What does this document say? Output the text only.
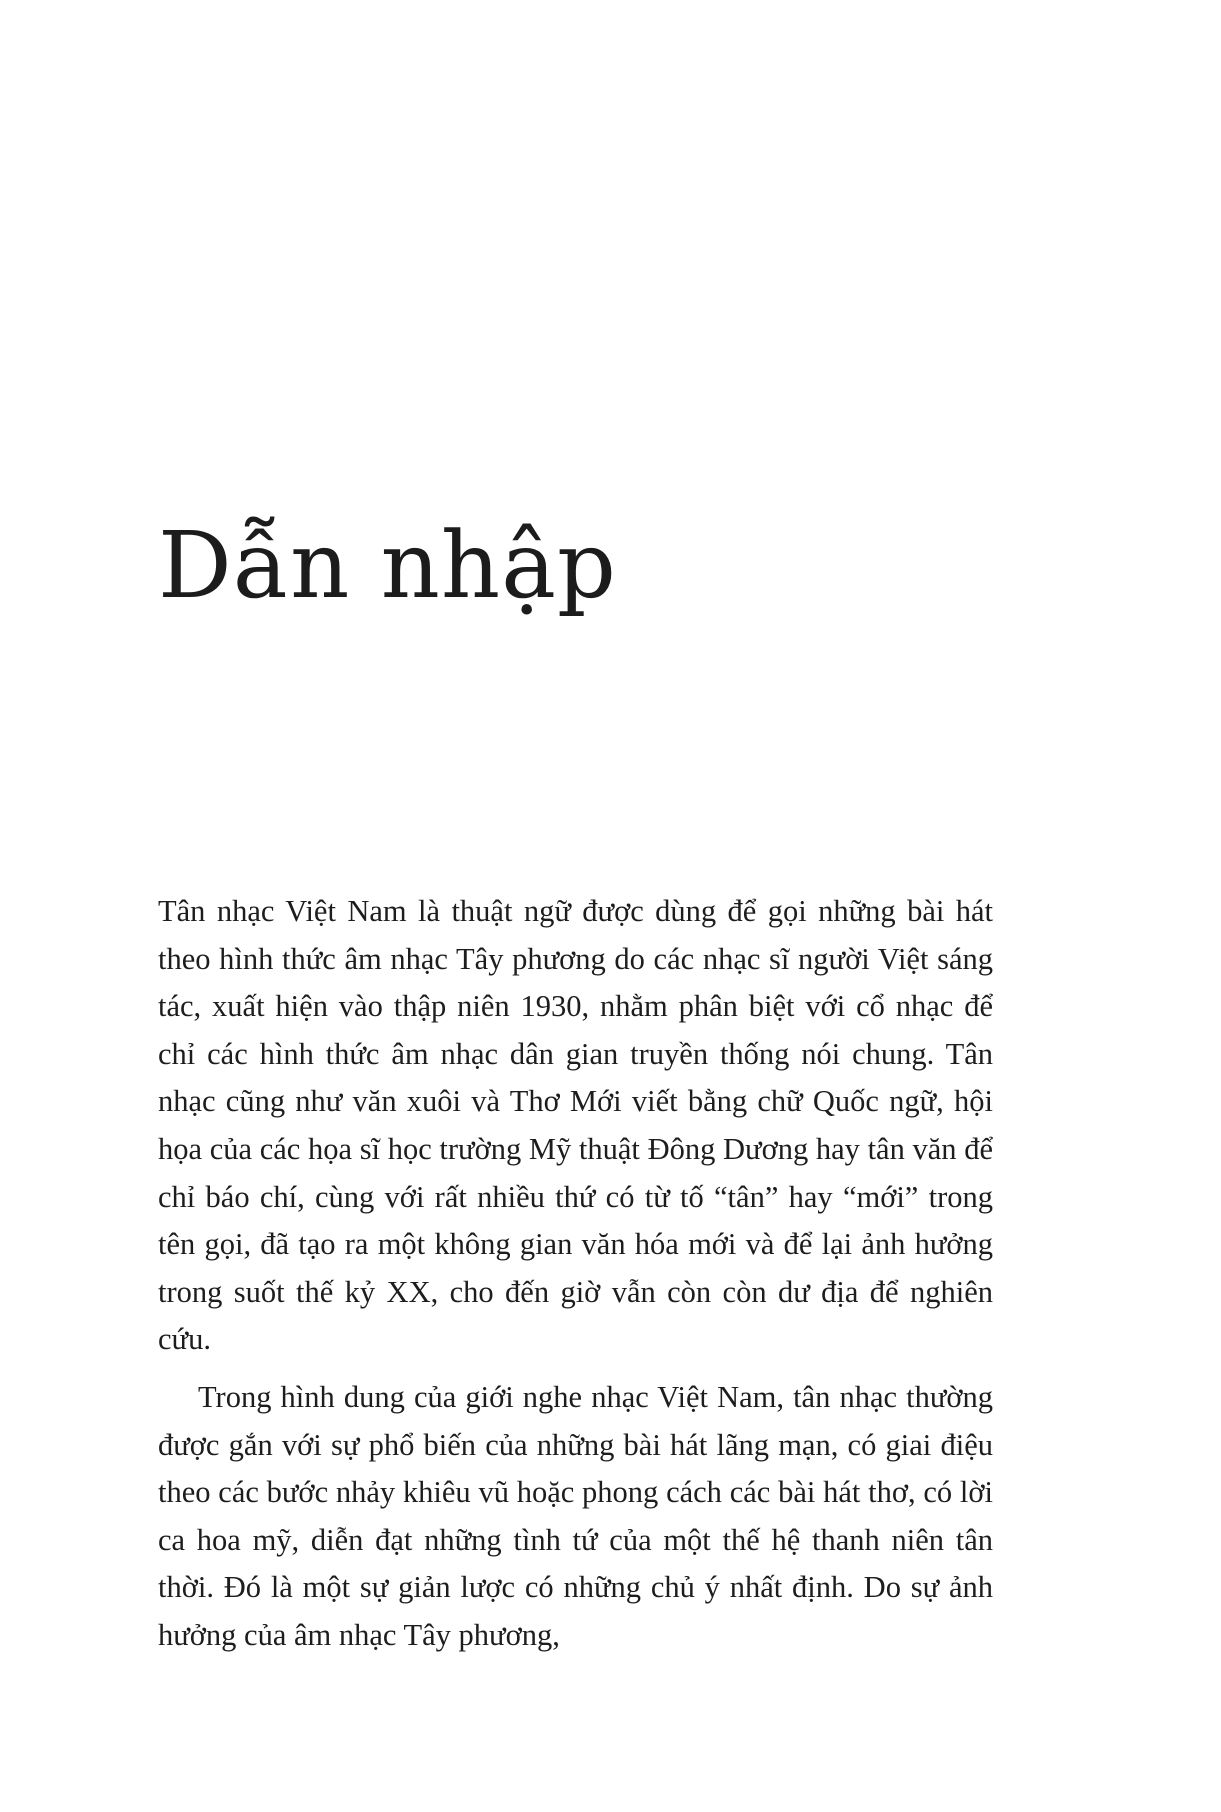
Dẫn nhập

Tân nhạc Việt Nam là thuật ngữ được dùng để gọi những bài hát theo hình thức âm nhạc Tây phương do các nhạc sĩ người Việt sáng tác, xuất hiện vào thập niên 1930, nhằm phân biệt với cổ nhạc để chỉ các hình thức âm nhạc dân gian truyền thống nói chung. Tân nhạc cũng như văn xuôi và Thơ Mới viết bằng chữ Quốc ngữ, hội họa của các họa sĩ học trường Mỹ thuật Đông Dương hay tân văn để chỉ báo chí, cùng với rất nhiều thứ có từ tố “tân” hay “mới” trong tên gọi, đã tạo ra một không gian văn hóa mới và để lại ảnh hưởng trong suốt thế kỷ XX, cho đến giờ vẫn còn còn dư địa để nghiên cứu.

Trong hình dung của giới nghe nhạc Việt Nam, tân nhạc thường được gắn với sự phổ biến của những bài hát lãng mạn, có giai điệu theo các bước nhảy khiêu vũ hoặc phong cách các bài hát thơ, có lời ca hoa mỹ, diễn đạt những tình tứ của một thế hệ thanh niên tân thời. Đó là một sự giản lược có những chủ ý nhất định. Do sự ảnh hưởng của âm nhạc Tây phương,
